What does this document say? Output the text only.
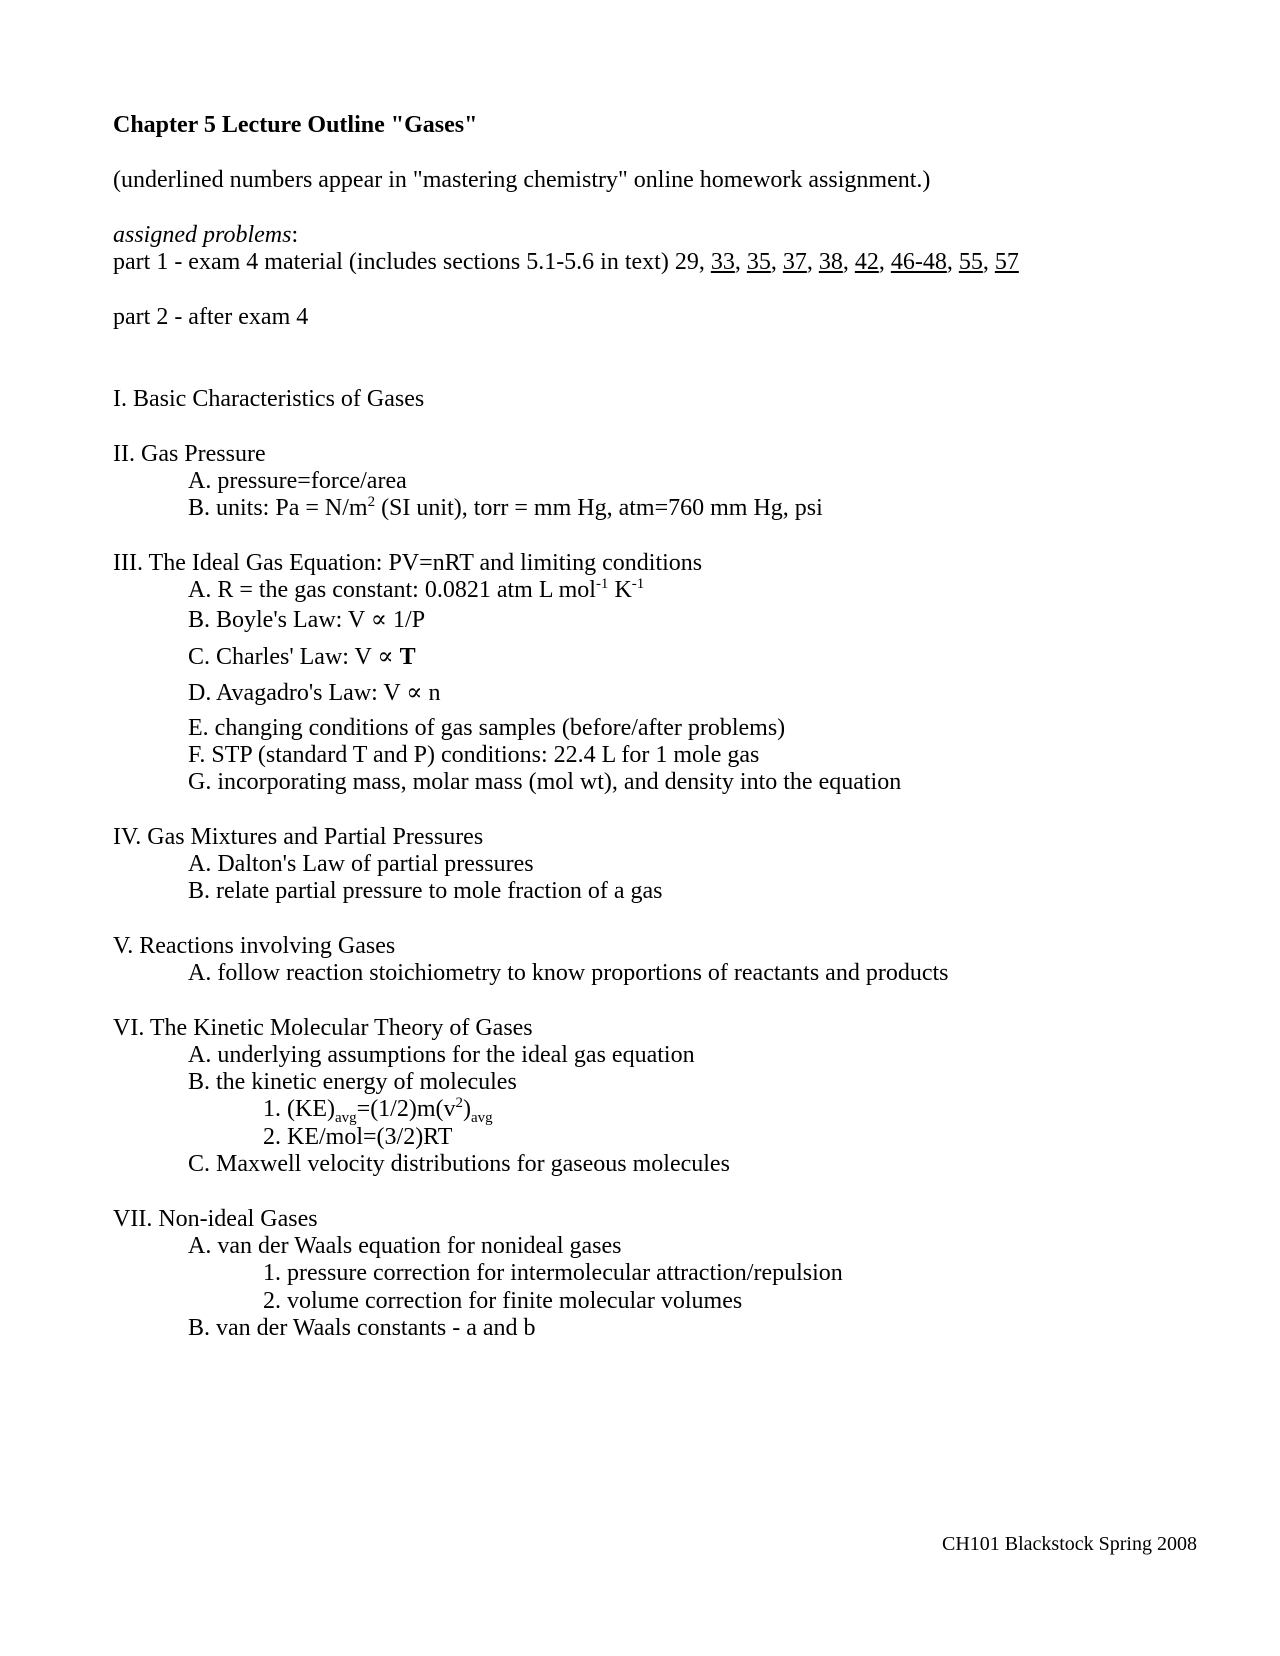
Chapter 5 Lecture Outline "Gases"
(underlined numbers appear in "mastering chemistry" online homework assignment.)
assigned problems:
part 1 - exam 4 material (includes sections 5.1-5.6 in text) 29, 33, 35, 37, 38, 42, 46-48, 55, 57
part 2 - after exam 4
I. Basic Characteristics of Gases
II. Gas Pressure
A. pressure=force/area
B. units: $Pa = N/m^2$ (SI unit), torr = mm Hg, atm=760 mm Hg, psi
III. The Ideal Gas Equation: PV=nRT and limiting conditions
A. R = the gas constant: 0.0821 atm L mol$^{-1}$ $K^{-1}$
B. Boyle's Law: V ∝ 1/P
C. Charles' Law: V ∝ T
D. Avagadro's Law: V ∝ n
E. changing conditions of gas samples (before/after problems)
F. STP (standard T and P) conditions: 22.4 L for 1 mole gas
G. incorporating mass, molar mass (mol wt), and density into the equation
IV. Gas Mixtures and Partial Pressures
A. Dalton's Law of partial pressures
B. relate partial pressure to mole fraction of a gas
V. Reactions involving Gases
A. follow reaction stoichiometry to know proportions of reactants and products
VI. The Kinetic Molecular Theory of Gases
A. underlying assumptions for the ideal gas equation
B. the kinetic energy of molecules
1. $(KE)_{avg}=(1/2)m(v^2)_{avg}$
2. KE/mol=(3/2)RT
C. Maxwell velocity distributions for gaseous molecules
VII. Non-ideal Gases
A. van der Waals equation for nonideal gases
1. pressure correction for intermolecular attraction/repulsion
2. volume correction for finite molecular volumes
B. van der Waals constants - a and b
CH101 Blackstock Spring 2008
